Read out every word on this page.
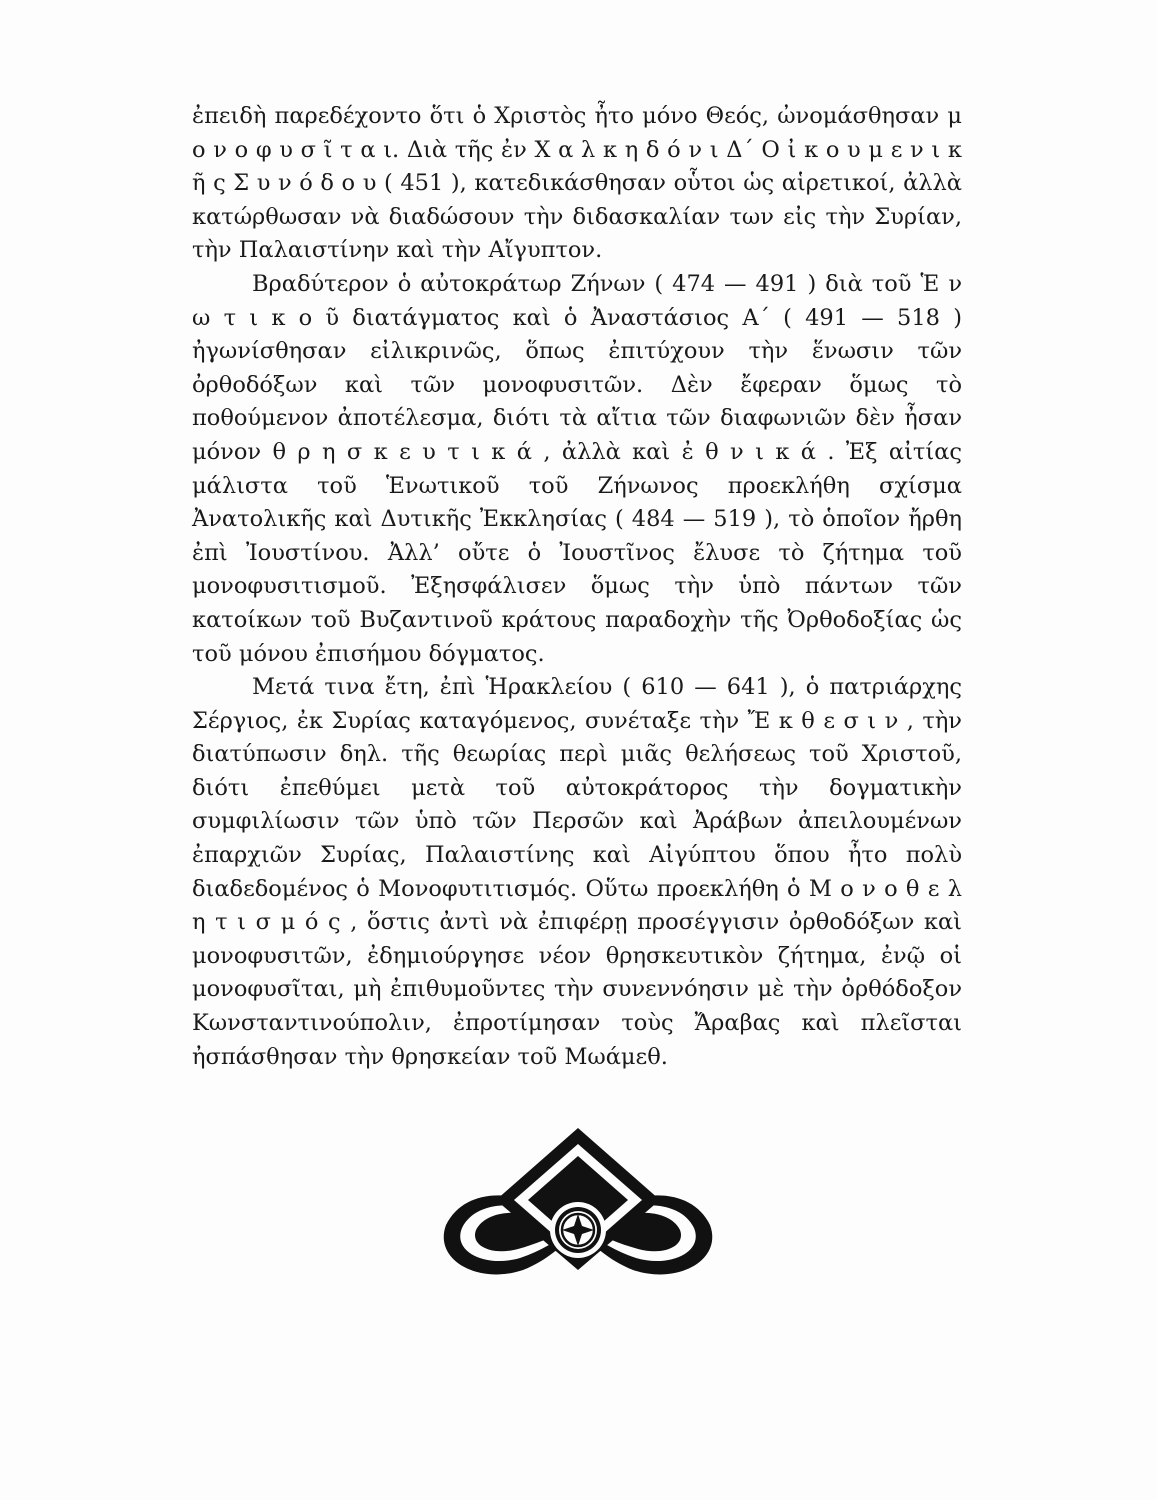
ἐπειδὴ παρεδέχοντο ὅτι ὁ Χριστὸς ἦτο μόνο Θεός, ὠνομάσθησαν μ ο ν ο φ υ σ ῖ τ α ι. Διὰ τῆς ἐν Χ α λ κ η δ ό ν ι Δ΄ Ο ἰ κ ο υ μ ε ν ι κ ῆ ς Σ υ ν ό δ ο υ ( 451 ), κατεδικάσθησαν οὗτοι ὡς αἱρετικοί, ἀλλὰ κατώρθωσαν νὰ διαδώσουν τὴν διδασκαλίαν των εἰς τὴν Συρίαν, τὴν Παλαιστίνην καὶ τὴν Αἴγυπτον.

Βραδύτερον ὁ αὐτοκράτωρ Ζήνων ( 474 — 491 ) διὰ τοῦ Ἑ ν ω τ ι κ ο ῦ διατάγματος καὶ ὁ Ἀναστάσιος Α΄ ( 491 — 518 ) ἠγωνίσθησαν εἰλικρινῶς, ὅπως ἐπιτύχουν τὴν ἕνωσιν τῶν ὀρθοδόξων καὶ τῶν μονοφυσιτῶν. Δὲν ἔφεραν ὅμως τὸ ποθούμενον ἀποτέλεσμα, διότι τὰ αἴτια τῶν διαφωνιῶν δὲν ἦσαν μόνον θ ρ η σ κ ε υ τ ι κ ά , ἀλλὰ καὶ ἐ θ ν ι κ ά . Ἐξ αἰτίας μάλιστα τοῦ Ἑνωτικοῦ τοῦ Ζήνωνος προεκλήθη σχίσμα Ἀνατολικῆς καὶ Δυτικῆς Ἐκκλησίας ( 484 — 519 ), τὸ ὁποῖον ἤρθη ἐπὶ Ἰουστίνου. Ἀλλ’ οὔτε ὁ Ἰουστῖνος ἔλυσε τὸ ζήτημα τοῦ μονοφυσιτισμοῦ. Ἐξησφάλισεν ὅμως τὴν ὑπὸ πάντων τῶν κατοίκων τοῦ Βυζαντινοῦ κράτους παραδοχὴν τῆς Ὀρθοδοξίας ὡς τοῦ μόνου ἐπισήμου δόγματος.

Μετά τινα ἔτη, ἐπὶ Ἡρακλείου ( 610 — 641 ), ὁ πατριάρχης Σέργιος, ἐκ Συρίας καταγόμενος, συνέταξε τὴν Ἔ κ θ ε σ ι ν , τὴν διατύπωσιν δηλ. τῆς θεωρίας περὶ μιᾶς θελήσεως τοῦ Χριστοῦ, διότι ἐπεθύμει μετὰ τοῦ αὐτοκράτορος τὴν δογματικὴν συμφιλίωσιν τῶν ὑπὸ τῶν Περσῶν καὶ Ἀράβων ἀπειλουμένων ἐπαρχιῶν Συρίας, Παλαιστίνης καὶ Αἰγύπτου ὅπου ἦτο πολὺ διαδεδομένος ὁ Μονοφυτιτισμός. Οὕτω προεκλήθη ὁ Μ ο ν ο θ ε λ η τ ι σ μ ό ς , ὅστις ἀντὶ νὰ ἐπιφέρῃ προσέγγισιν ὀρθοδόξων καὶ μονοφυσιτῶν, ἐδημιούργησε νέον θρησκευτικὸν ζήτημα, ἐνῷ οἱ μονοφυσῖται, μὴ ἐπιθυμοῦντες τὴν συνεννόησιν μὲ τὴν ὀρθόδοξον Κωνσταντινούπολιν, ἐπροτίμησαν τοὺς Ἄραβας καὶ πλεῖσται ἠσπάσθησαν τὴν θρησκείαν τοῦ Μωάμεθ.
